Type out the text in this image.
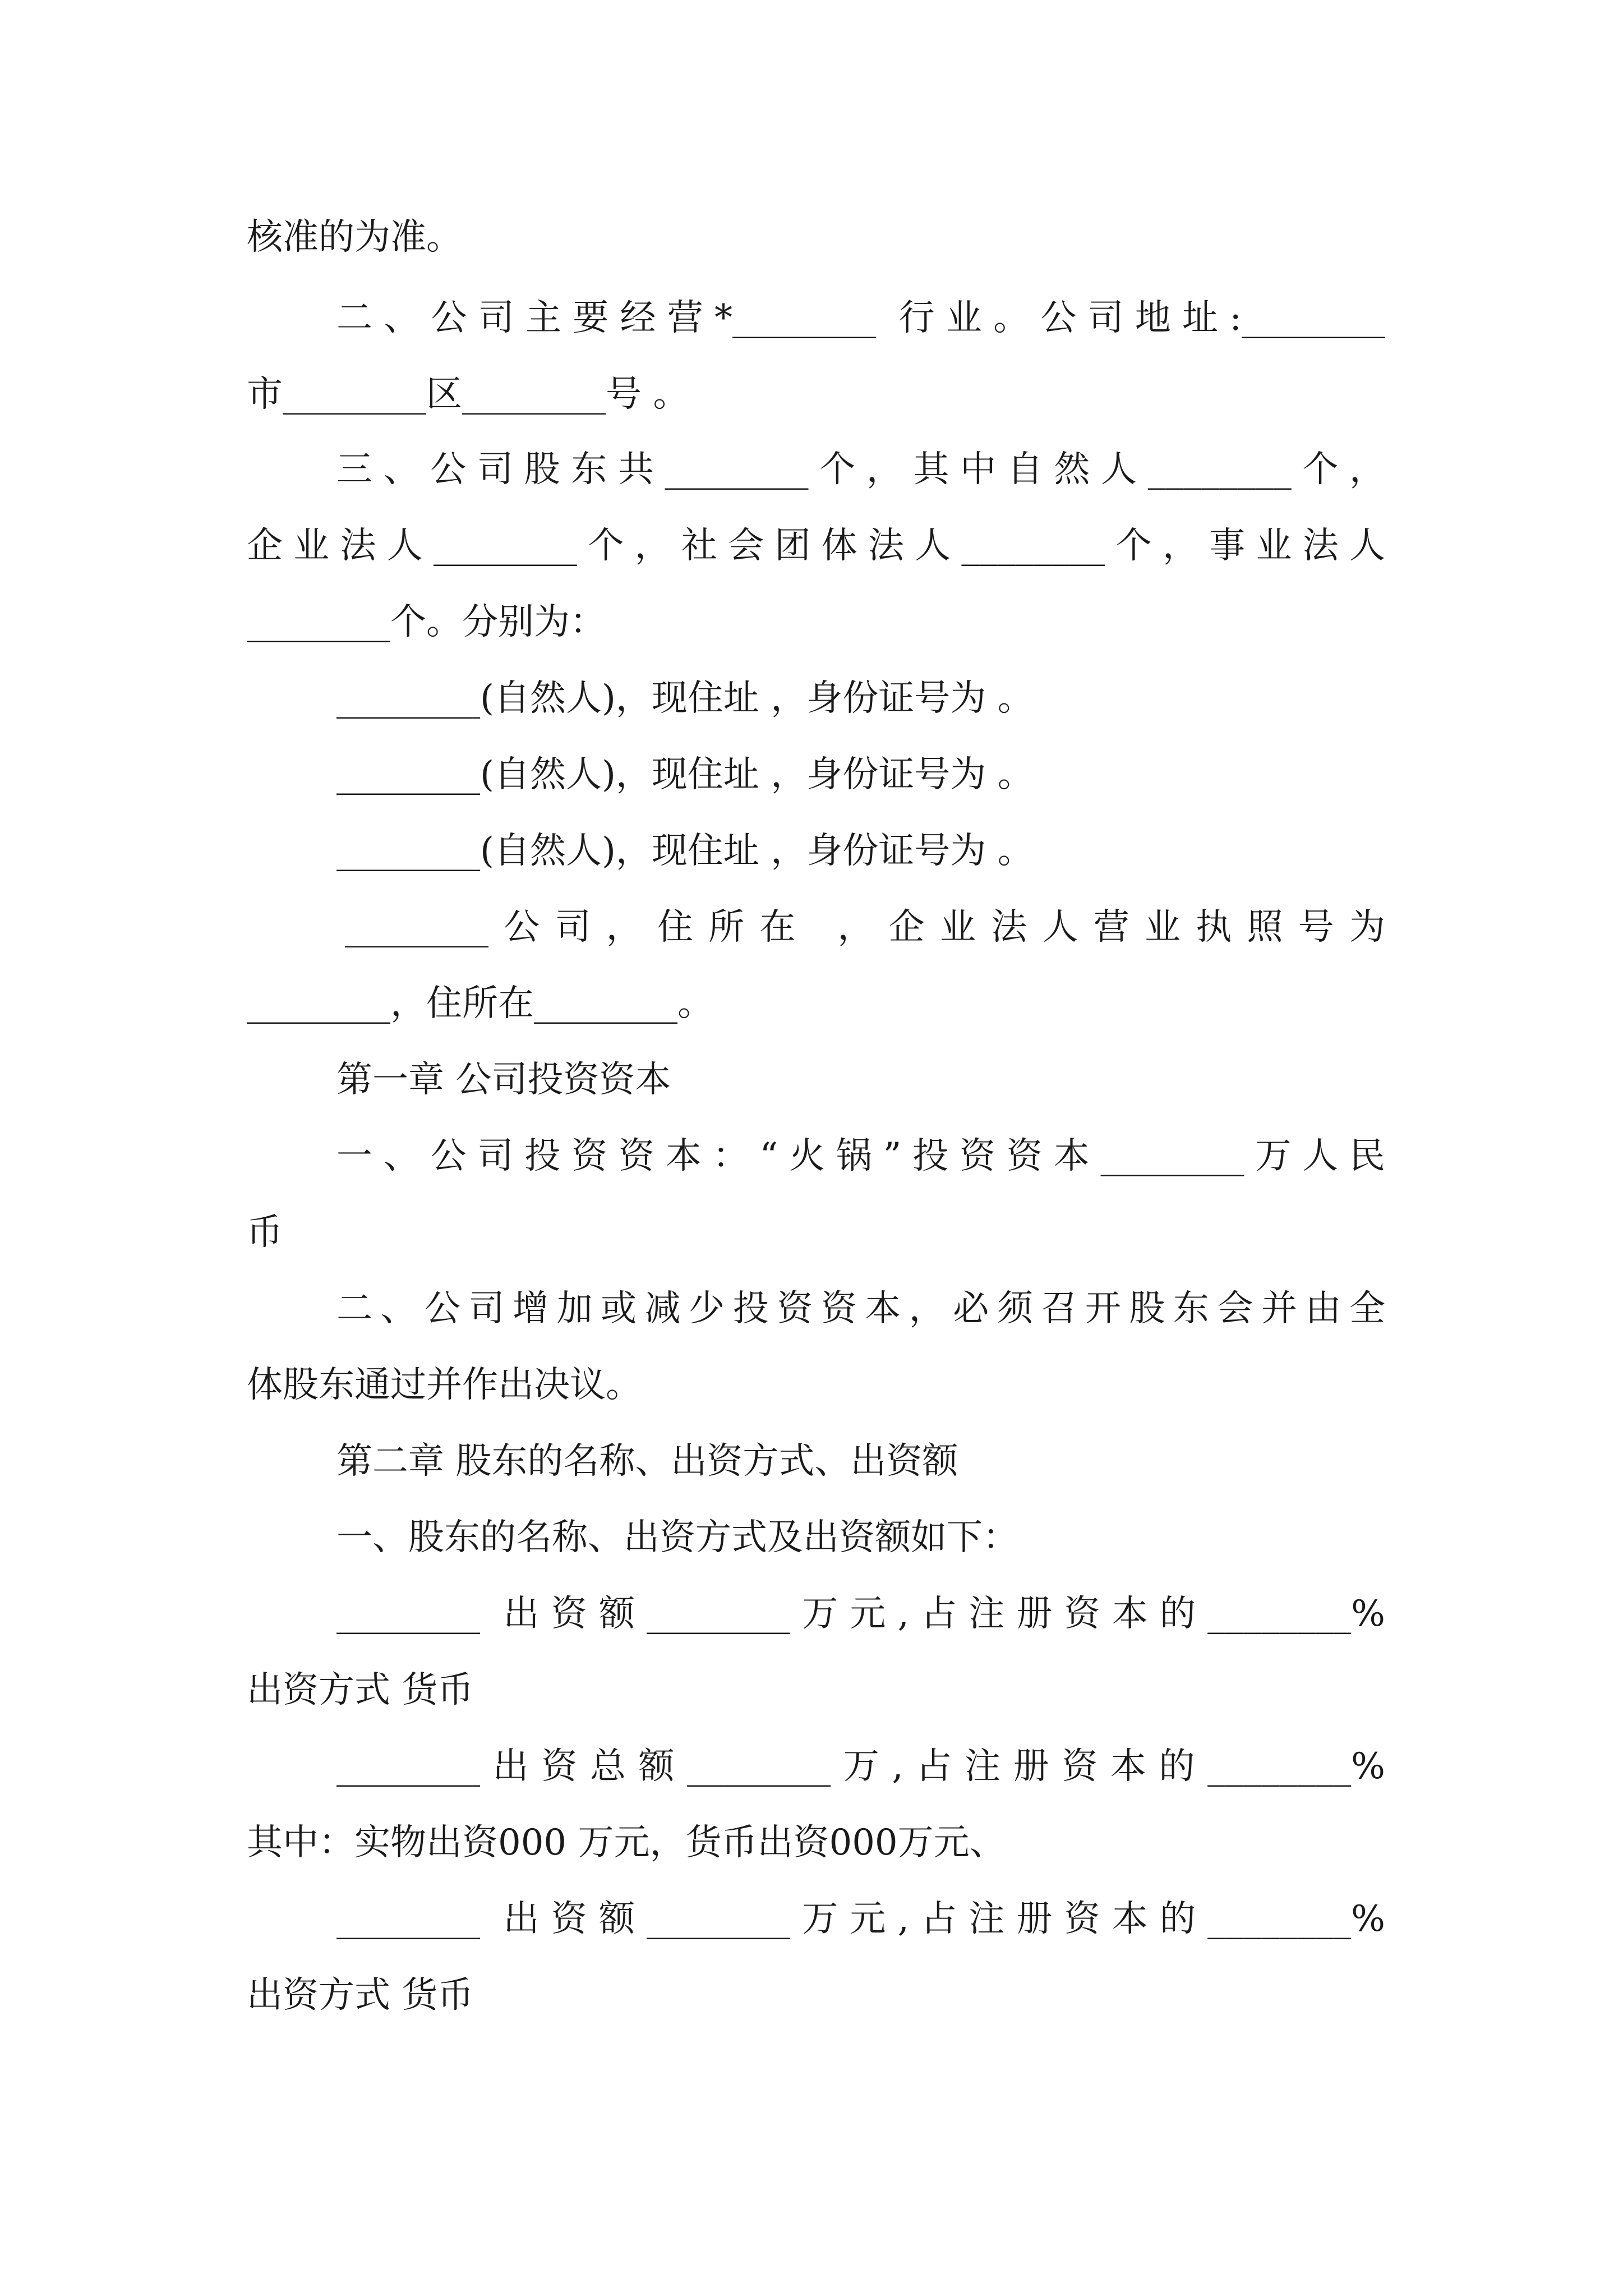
核准的为准。
二、公司主要经营*________ 行业。公司地址:________
市________区________号 。
三、公司股东共________个，其中自然人________个，
企业法人________个，社会团体法人________个，事业法人
________个。分别为：
________(自然人)，现住址 ，身份证号为 。
________(自然人)，现住址 ，身份证号为 。
________(自然人)，现住址 ，身份证号为 。
________公司，住所在 ，企业法人营业执照号为
________，住所在________。
第一章 公司投资资本
一、公司投资资本：“火锅”投资资本________万人民
币
二、公司增加或减少投资资本，必须召开股东会并由全
体股东通过并作出决议。
第二章 股东的名称、出资方式、出资额
一、股东的名称、出资方式及出资额如下：
________ 出资额________万元,占注册资本的________%
出资方式 货币
________出资总额________万,占注册资本的________%
其中：实物出资000 万元，货币出资000万元、
________ 出资额________万元,占注册资本的________%
出资方式 货币
